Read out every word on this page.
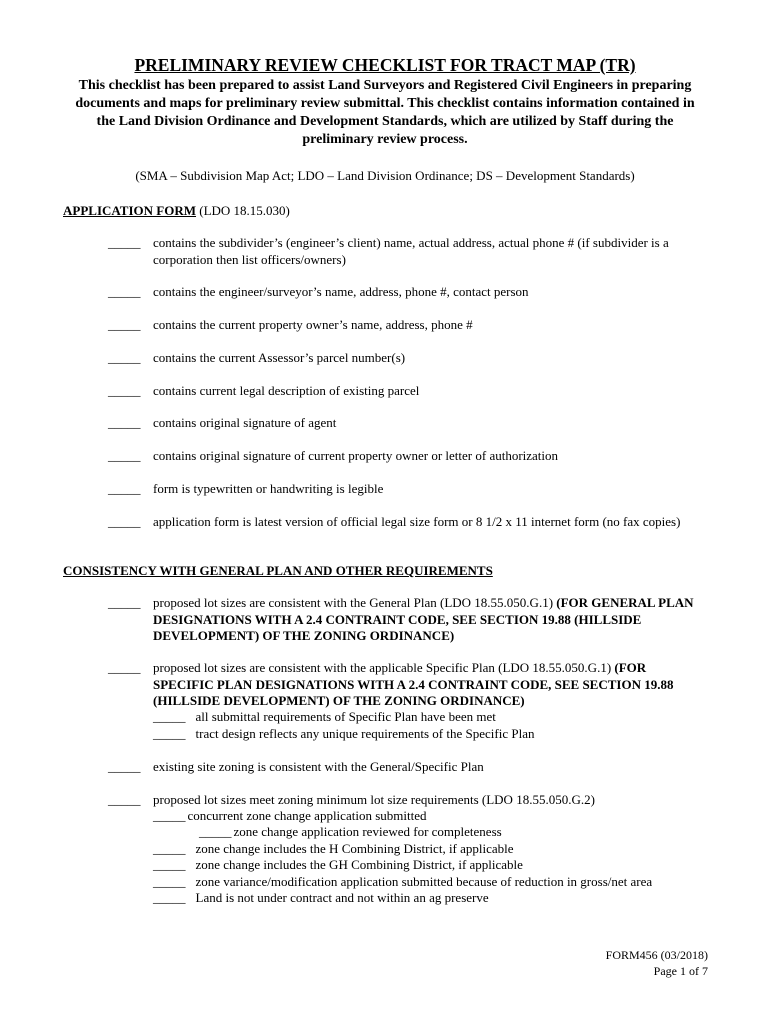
PRELIMINARY REVIEW CHECKLIST FOR TRACT MAP (TR)
This checklist has been prepared to assist Land Surveyors and Registered Civil Engineers in preparing documents and maps for preliminary review submittal. This checklist contains information contained in the Land Division Ordinance and Development Standards, which are utilized by Staff during the preliminary review process.
(SMA – Subdivision Map Act; LDO – Land Division Ordinance; DS – Development Standards)
APPLICATION FORM (LDO 18.15.030)
_____ contains the subdivider’s (engineer’s client) name, actual address, actual phone # (if subdivider is a corporation then list officers/owners)
_____ contains the engineer/surveyor’s name, address, phone #, contact person
_____ contains the current property owner’s name, address, phone #
_____ contains the current Assessor’s parcel number(s)
_____ contains current legal description of existing parcel
_____ contains original signature of agent
_____ contains original signature of current property owner or letter of authorization
_____ form is typewritten or handwriting is legible
_____ application form is latest version of official legal size form or 8 1/2 x 11 internet form (no fax copies)
CONSISTENCY WITH GENERAL PLAN AND OTHER REQUIREMENTS
_____ proposed lot sizes are consistent with the General Plan (LDO 18.55.050.G.1) (FOR GENERAL PLAN DESIGNATIONS WITH A 2.4 CONTRAINT CODE, SEE SECTION 19.88 (HILLSIDE DEVELOPMENT) OF THE ZONING ORDINANCE)
_____ proposed lot sizes are consistent with the applicable Specific Plan (LDO 18.55.050.G.1) (FOR SPECIFIC PLAN DESIGNATIONS WITH A 2.4 CONTRAINT CODE, SEE SECTION 19.88 (HILLSIDE DEVELOPMENT) OF THE ZONING ORDINANCE)
_____ all submittal requirements of Specific Plan have been met
_____ tract design reflects any unique requirements of the Specific Plan
_____ existing site zoning is consistent with the General/Specific Plan
_____ proposed lot sizes meet zoning minimum lot size requirements (LDO 18.55.050.G.2)
_____ concurrent zone change application submitted
_____ zone change application reviewed for completeness
_____ zone change includes the H Combining District, if applicable
_____ zone change includes the GH Combining District, if applicable
_____ zone variance/modification application submitted because of reduction in gross/net area
_____ Land is not under contract and not within an ag preserve
FORM456 (03/2018)
Page 1 of 7
